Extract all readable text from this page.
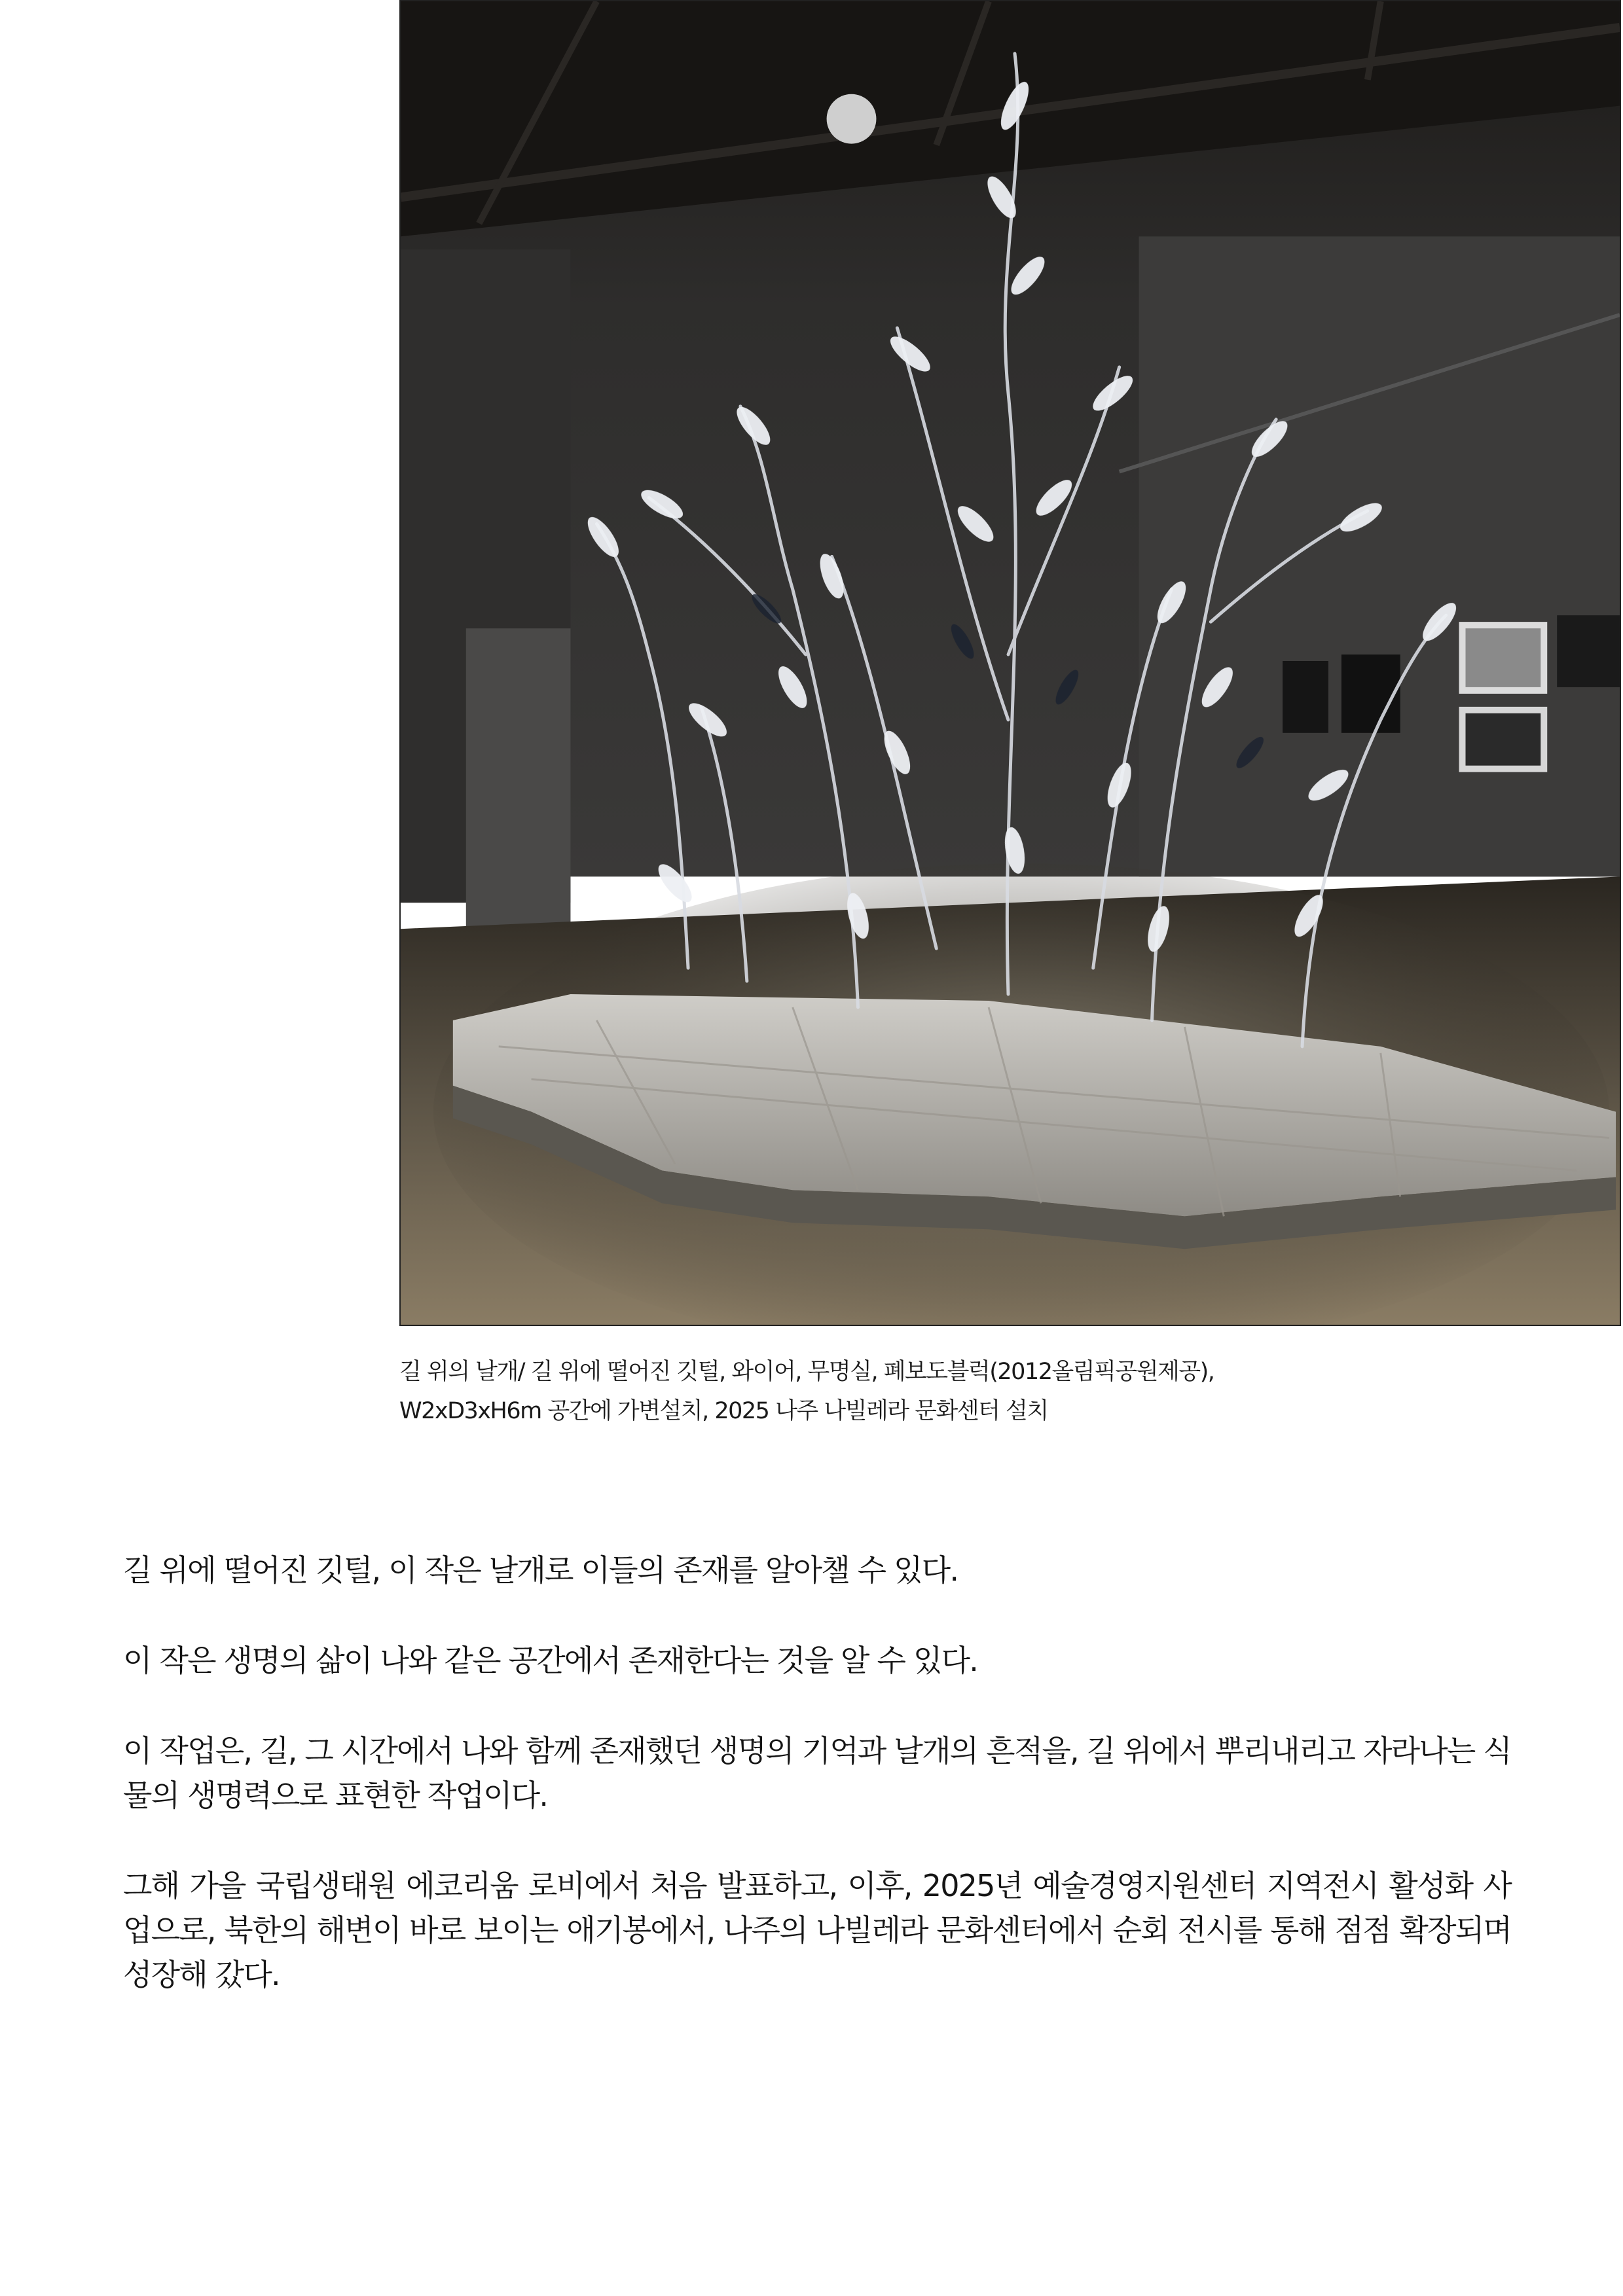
길 위의 날개/ 길 위에 떨어진 깃털, 와이어, 무명실, 폐보도블럭(2012올림픽공원제공),
W2xD3xH6m 공간에 가변설치, 2025 나주 나빌레라 문화센터 설치

길 위에 떨어진 깃털, 이 작은 날개로 이들의 존재를 알아챌 수 있다.

이 작은 생명의 삶이 나와 같은 공간에서 존재한다는 것을 알 수 있다.

이 작업은, 길, 그 시간에서 나와 함께 존재했던 생명의 기억과 날개의 흔적을, 길 위에서 뿌리내리고 자라나는 식물의 생명력으로 표현한 작업이다.

그해 가을 국립생태원 에코리움 로비에서 처음 발표하고, 이후, 2025년 예술경영지원센터 지역전시 활성화 사업으로, 북한의 해변이 바로 보이는 애기봉에서, 나주의 나빌레라 문화센터에서 순회 전시를 통해 점점 확장되며 성장해 갔다.
